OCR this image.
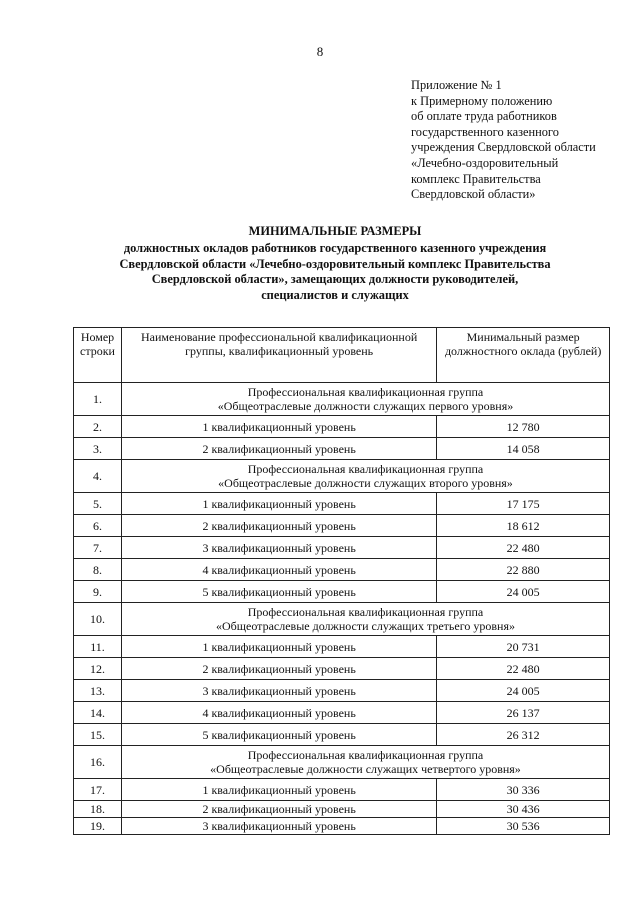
8
Приложение № 1
к Примерному положению
об оплате труда работников
государственного казенного
учреждения Свердловской области
«Лечебно-оздоровительный
комплекс Правительства
Свердловской области»
МИНИМАЛЬНЫЕ РАЗМЕРЫ
должностных окладов работников государственного казенного учреждения
Свердловской области «Лечебно-оздоровительный комплекс Правительства
Свердловской области», замещающих должности руководителей,
специалистов и служащих
Номер строки	Наименование профессиональной квалификационной группы, квалификационный уровень	Минимальный размер должностного оклада (рублей)
1.	Профессиональная квалификационная группа
«Общеотраслевые должности служащих первого уровня»	

2.	1 квалификационный уровень	12 780
3.	2 квалификационный уровень	14 058
4.	Профессиональная квалификационная группа
«Общеотраслевые должности служащих второго уровня»	

5.	1 квалификационный уровень	17 175
6.	2 квалификационный уровень	18 612
7.	3 квалификационный уровень	22 480
8.	4 квалификационный уровень	22 880
9.	5 квалификационный уровень	24 005
10.	Профессиональная квалификационная группа
«Общеотраслевые должности служащих третьего уровня»	

11.	1 квалификационный уровень	20 731
12.	2 квалификационный уровень	22 480
13.	3 квалификационный уровень	24 005
14.	4 квалификационный уровень	26 137
15.	5 квалификационный уровень	26 312
16.	Профессиональная квалификационная группа
«Общеотраслевые должности служащих четвертого уровня»	

17.	1 квалификационный уровень	30 336
18.	2 квалификационный уровень	30 436
19.	3 квалификационный уровень	30 536
